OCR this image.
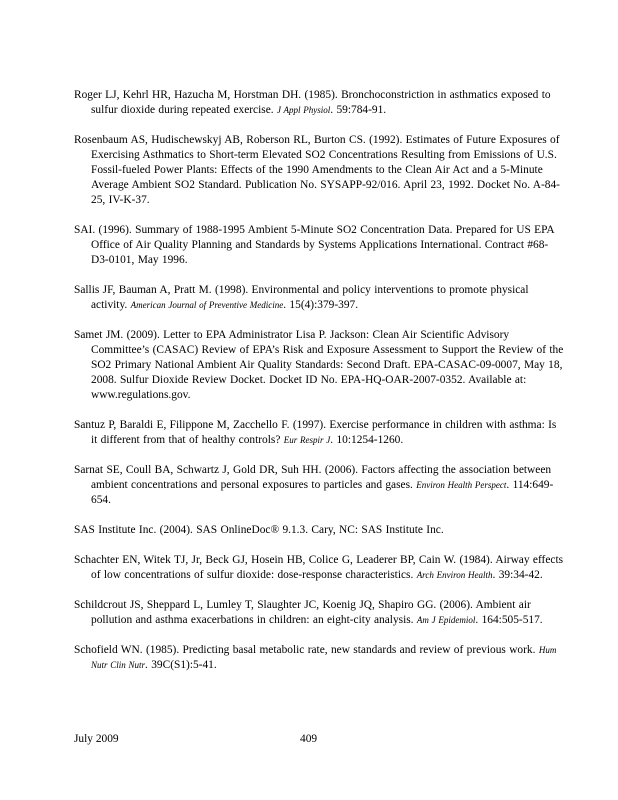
Roger LJ, Kehrl HR, Hazucha M, Horstman DH. (1985). Bronchoconstriction in asthmatics exposed to sulfur dioxide during repeated exercise. J Appl Physiol. 59:784-91.

Rosenbaum AS, Hudischewskyj AB, Roberson RL, Burton CS. (1992). Estimates of Future Exposures of Exercising Asthmatics to Short-term Elevated SO2 Concentrations Resulting from Emissions of U.S. Fossil-fueled Power Plants: Effects of the 1990 Amendments to the Clean Air Act and a 5-Minute Average Ambient SO2 Standard. Publication No. SYSAPP-92/016. April 23, 1992. Docket No. A-84-25, IV-K-37.

SAI. (1996). Summary of 1988-1995 Ambient 5-Minute SO2 Concentration Data. Prepared for US EPA Office of Air Quality Planning and Standards by Systems Applications International. Contract #68-D3-0101, May 1996.

Sallis JF, Bauman A, Pratt M. (1998). Environmental and policy interventions to promote physical activity. American Journal of Preventive Medicine. 15(4):379-397.

Samet JM. (2009). Letter to EPA Administrator Lisa P. Jackson: Clean Air Scientific Advisory Committee’s (CASAC) Review of EPA’s Risk and Exposure Assessment to Support the Review of the SO2 Primary National Ambient Air Quality Standards: Second Draft. EPA-CASAC-09-0007, May 18, 2008. Sulfur Dioxide Review Docket. Docket ID No. EPA-HQ-OAR-2007-0352. Available at: www.regulations.gov.

Santuz P, Baraldi E, Filippone M, Zacchello F. (1997). Exercise performance in children with asthma: Is it different from that of healthy controls? Eur Respir J. 10:1254-1260.

Sarnat SE, Coull BA, Schwartz J, Gold DR, Suh HH. (2006). Factors affecting the association between ambient concentrations and personal exposures to particles and gases. Environ Health Perspect. 114:649-654.

SAS Institute Inc. (2004). SAS OnlineDoc® 9.1.3. Cary, NC: SAS Institute Inc.

Schachter EN, Witek TJ, Jr, Beck GJ, Hosein HB, Colice G, Leaderer BP, Cain W. (1984). Airway effects of low concentrations of sulfur dioxide: dose-response characteristics. Arch Environ Health. 39:34-42.

Schildcrout JS, Sheppard L, Lumley T, Slaughter JC, Koenig JQ, Shapiro GG. (2006). Ambient air pollution and asthma exacerbations in children: an eight-city analysis. Am J Epidemiol. 164:505-517.

Schofield WN. (1985). Predicting basal metabolic rate, new standards and review of previous work. Hum Nutr Clin Nutr. 39C(S1):5-41.

July 2009	409
